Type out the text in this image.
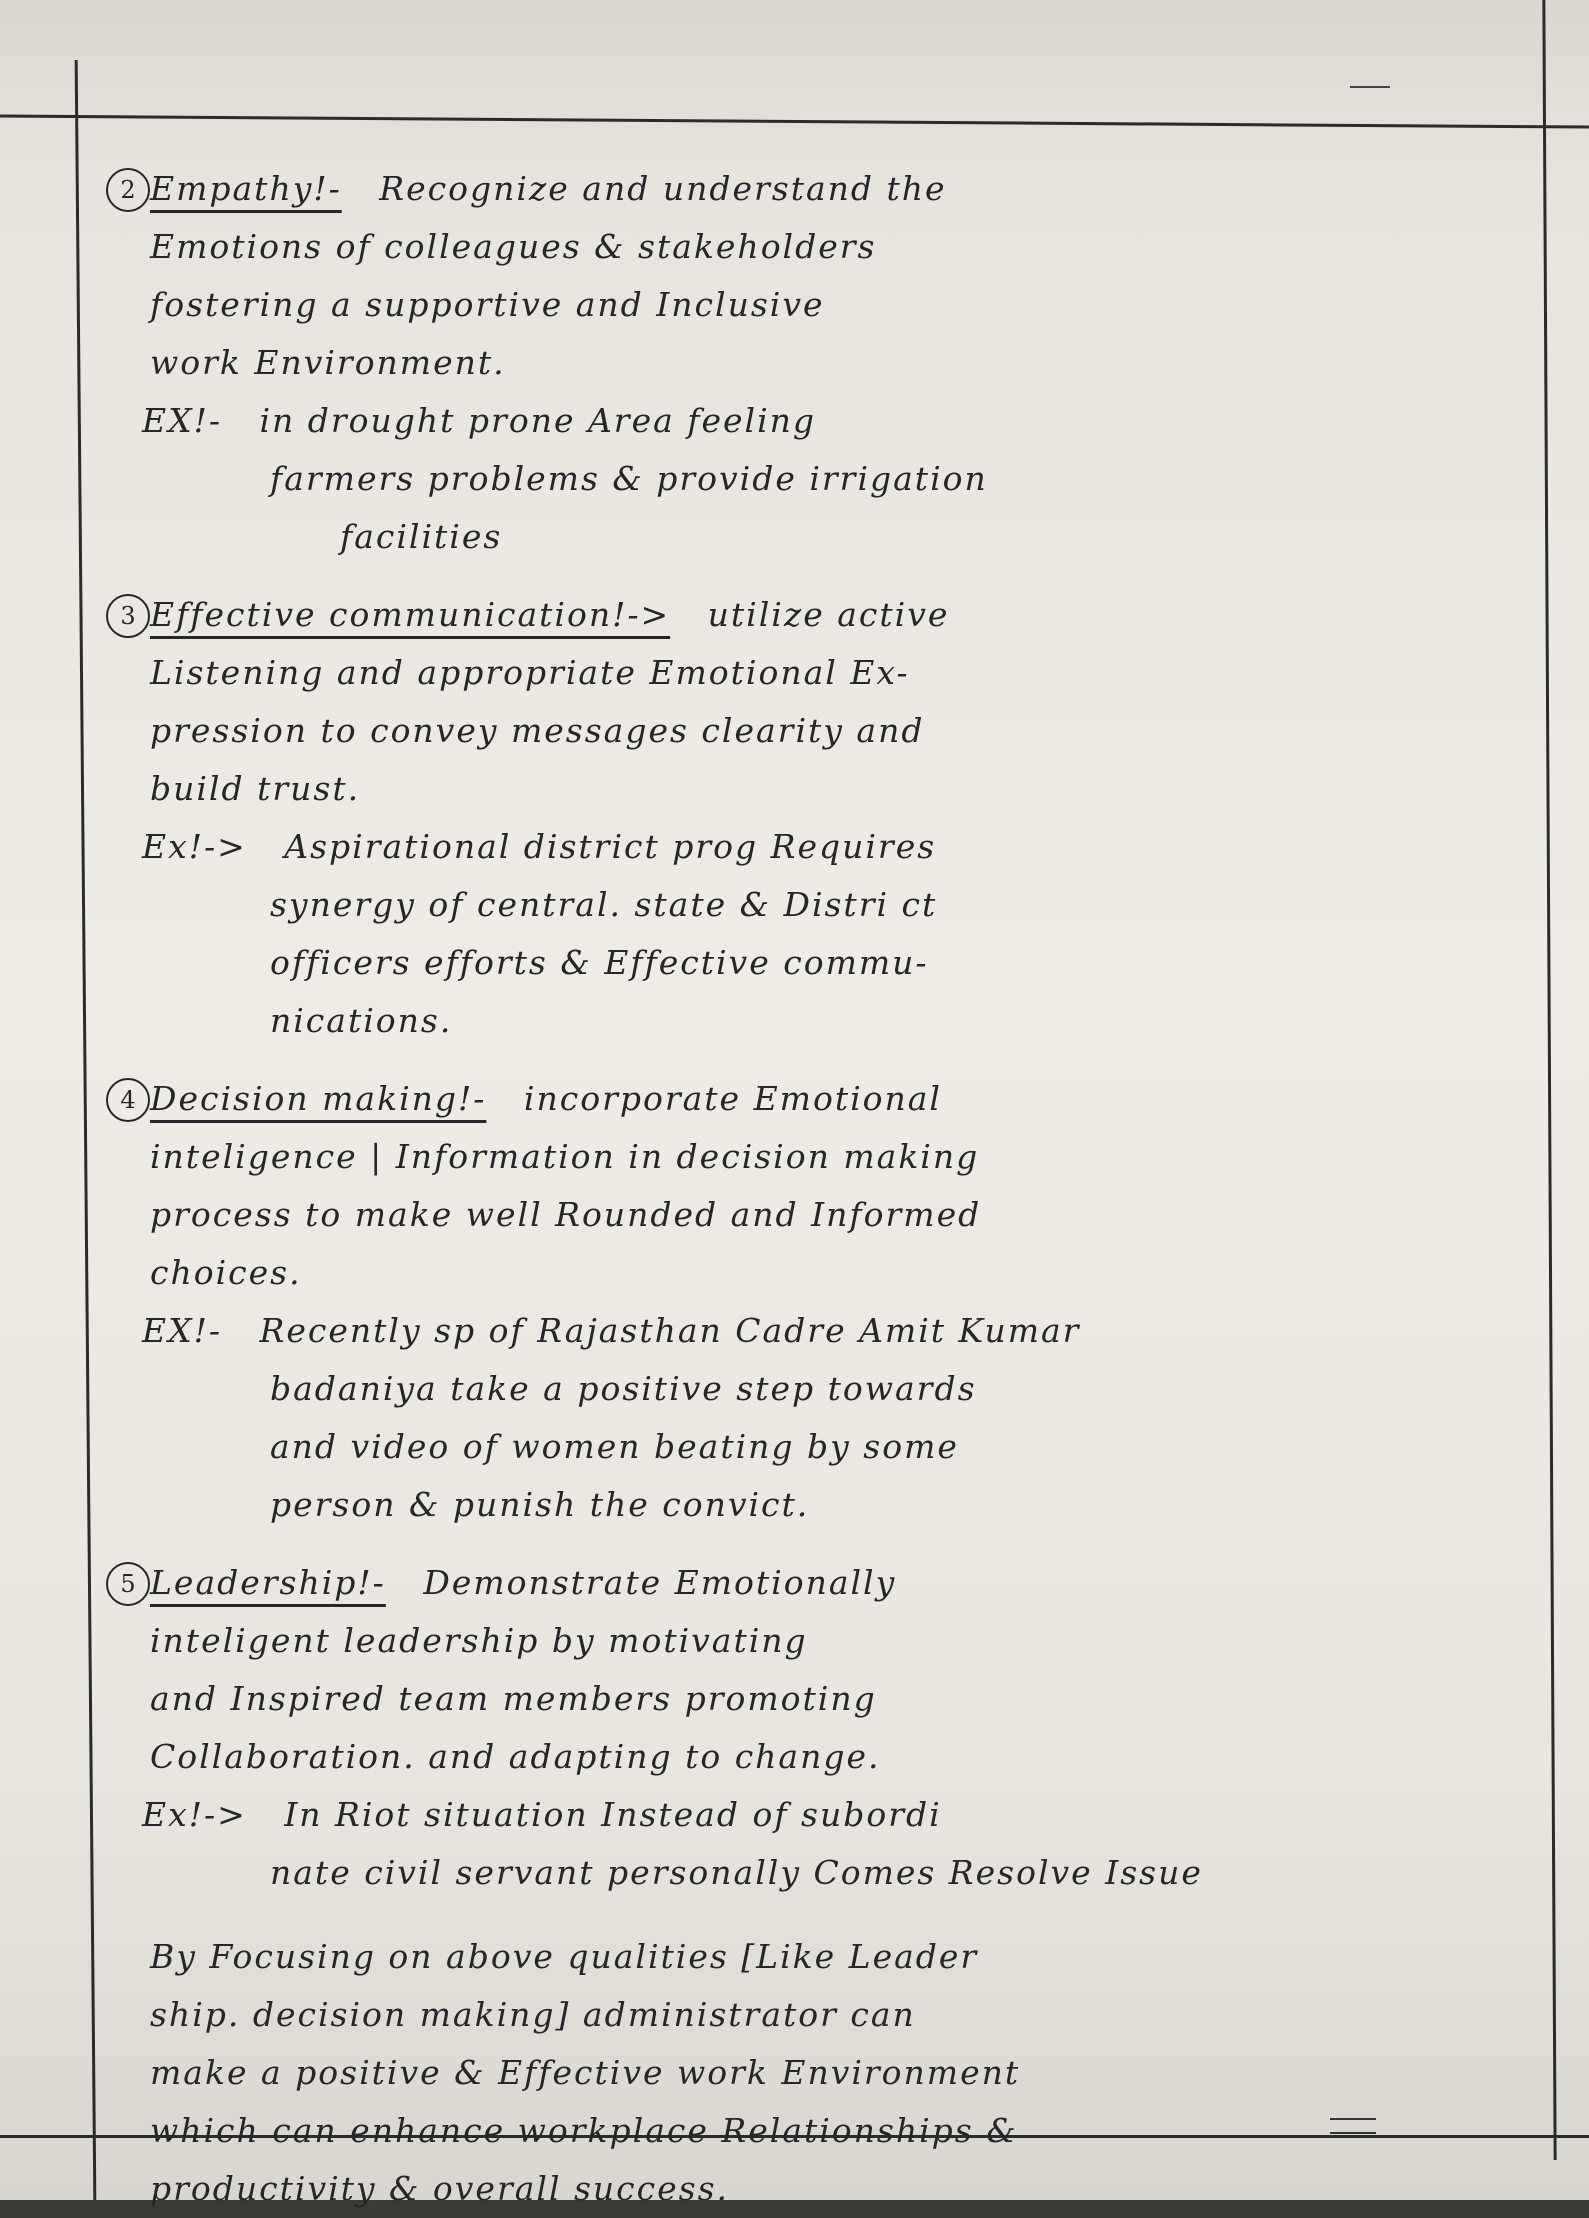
2 Empathy!- Recognize and understand the
Emotions of colleagues & stakeholders
fostering a supportive and Inclusive
work Environment.
EX!- in drought prone Area feeling
farmers problems & provide irrigation
facilities
3 Effective communication!-> utilize active
Listening and appropriate Emotional Ex-
pression to convey messages clearity and
build trust.
Ex!-> Aspirational district prog Requires
synergy of central. state & Distri ct
officers efforts & Effective commu-
nications.
4 Decision making!- incorporate Emotional
inteligence | Information in decision making
process to make well Rounded and Informed
choices.
EX!- Recently sp of Rajasthan Cadre Amit Kumar
badaniya take a positive step towards
and video of women beating by some
person & punish the convict.
5 Leadership!- Demonstrate Emotionally
inteligent leadership by motivating
and Inspired team members promoting
Collaboration. and adapting to change.
Ex!-> In Riot situation Instead of subordi
nate civil servant personally Comes Resolve Issue
By Focusing on above qualities [Like Leader
ship. decision making] administrator can
make a positive & Effective work Environment
which can enhance workplace Relationships &
productivity & overall success.
